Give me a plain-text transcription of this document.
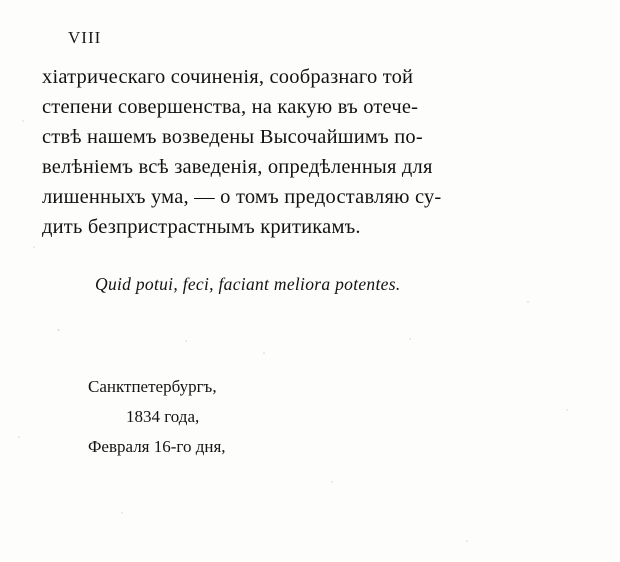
VIII
хіатрическаго сочиненія, сообразнаго той
степени совершенства, на какую въ отече-
ствѣ нашемъ возведены Высочайшимъ по-
велѣніемъ всѣ заведенія, опредѣленныя для
лишенныхъ ума, — о томъ предоставляю су-
дить безпристрастнымъ критикамъ.
Quid potui, feci, faciant meliora potentes.
Санктпетербургъ,
1834 года,
Февраля 16-го дня,
